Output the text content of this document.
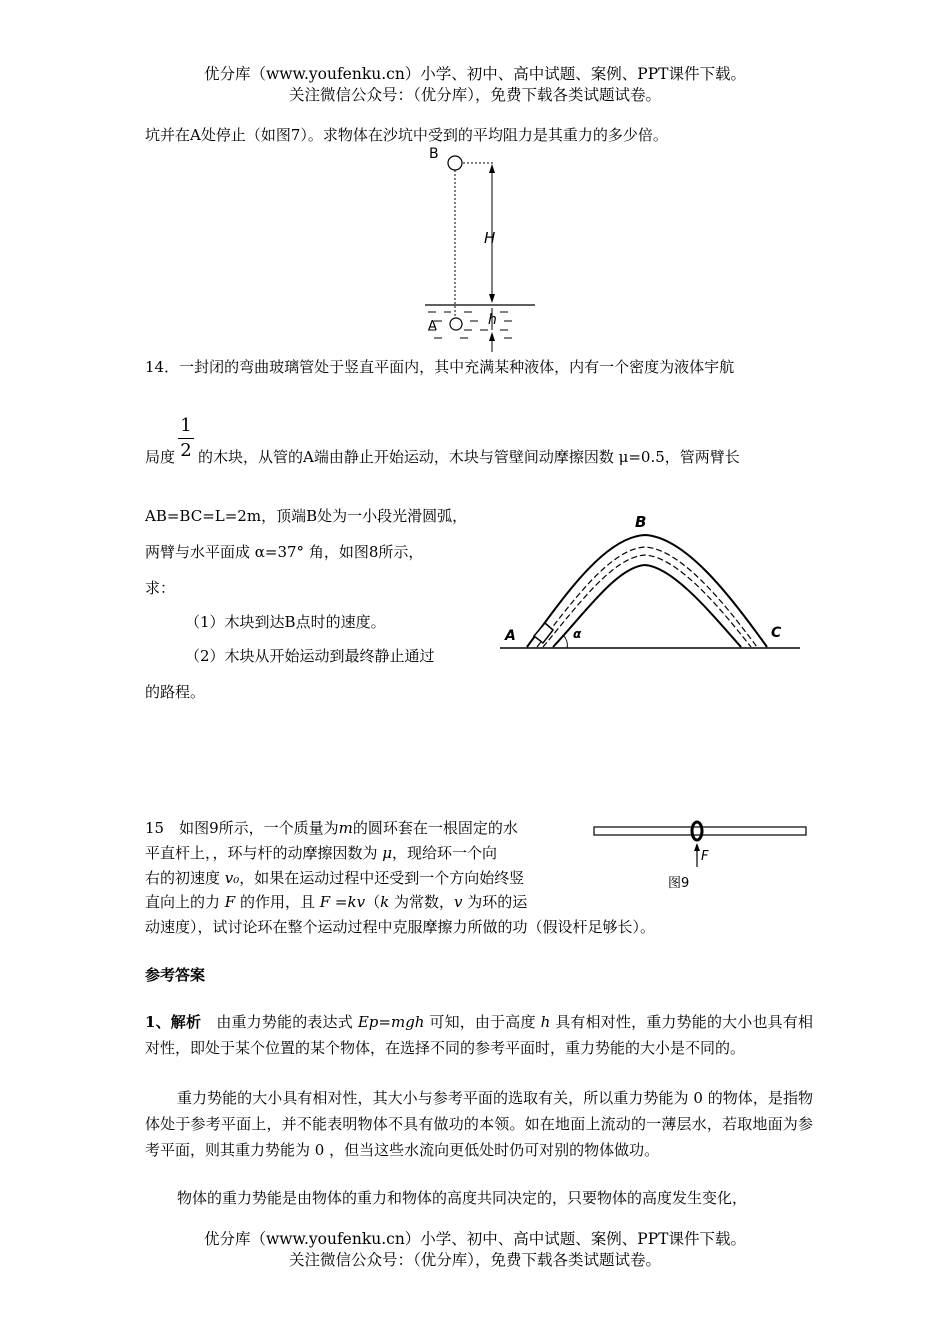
优分库（www.youfenku.cn）小学、初中、高中试题、案例、PPT课件下载。
关注微信公众号：（优分库），免费下载各类试题试卷。
坑并在A处停止（如图7）。求物体在沙坑中受到的平均阻力是其重力的多少倍。
B
H
A	h
14．一封闭的弯曲玻璃管处于竖直平面内，其中充满某种液体，内有一个密度为液体宇航
1
2
局度 的木块，从管的A端由静止开始运动，木块与管壁间动摩擦因数 μ=0.5，管两臂长
AB=BC=L=2m，顶端B处为一小段光滑圆弧，
两臂与水平面成 α=37° 角，如图8所示，
求：
（1）木块到达B点时的速度。
（2）木块从开始运动到最终静止通过
的路程。
B
A	C
α
15　如图9所示，一个质量为m的圆环套在一根固定的水
平直杆上，，环与杆的动摩擦因数为 μ，现给环一个向
右的初速度 v₀，如果在运动过程中还受到一个方向始终竖
直向上的力 F 的作用，且 F =kv（k 为常数，v 为环的运
动速度），试讨论环在整个运动过程中克服摩擦力所做的功（假设杆足够长）。
F
图9
参考答案
1、解析　由重力势能的表达式 Ep=mgh 可知，由于高度 h 具有相对性，重力势能的大小也具有相对性，即处于某个位置的某个物体，在选择不同的参考平面时，重力势能的大小是不同的。
重力势能的大小具有相对性，其大小与参考平面的选取有关，所以重力势能为 0 的物体，是指物体处于参考平面上，并不能表明物体不具有做功的本领。如在地面上流动的一薄层水，若取地面为参考平面，则其重力势能为 0 ，但当这些水流向更低处时仍可对别的物体做功。
物体的重力势能是由物体的重力和物体的高度共同决定的，只要物体的高度发生变化，
优分库（www.youfenku.cn）小学、初中、高中试题、案例、PPT课件下载。
关注微信公众号：（优分库），免费下载各类试题试卷。
